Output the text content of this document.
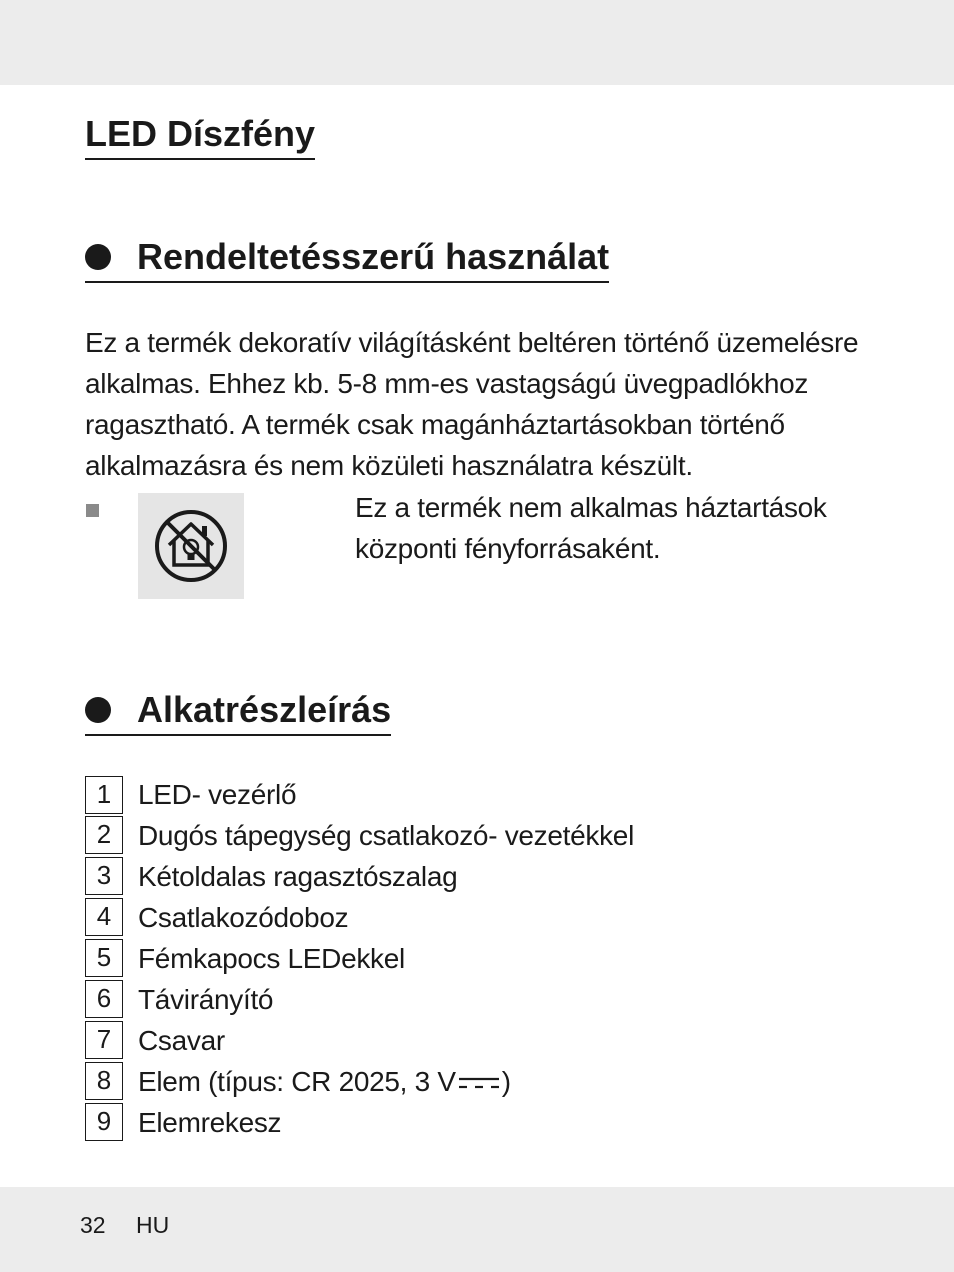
LED Díszfény
Rendeltetésszerű használat

Ez a termék dekoratív világításként beltéren történő üzemelésre alkalmas. Ehhez kb. 5-8 mm-es vastagságú üvegpadlókhoz ragasztható. A termék csak magánháztartásokban történő alkalmazásra és nem közületi használatra készült.

Ez a termék nem alkalmas háztartások központi fényforrásaként.

Alkatrészleírás
1 LED- vezérlő
2 Dugós tápegység csatlakozó- vezetékkel
3 Kétoldalas ragasztószalag
4 Csatlakozódoboz
5 Fémkapocs LEDekkel
6 Távirányító
7 Csavar
8 Elem (típus: CR 2025, 3 V )
9 Elemrekesz
32 HU
